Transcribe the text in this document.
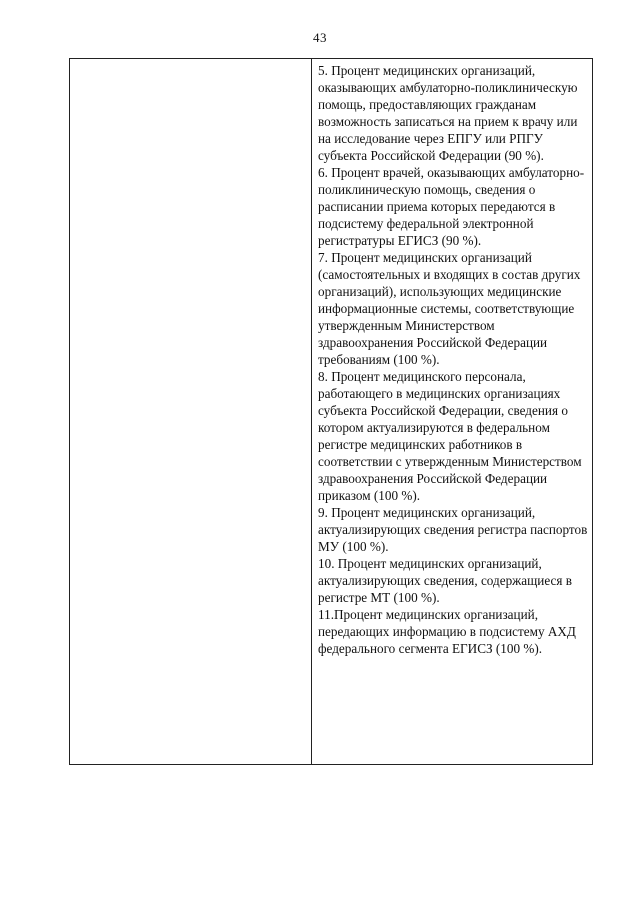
43

5. Процент медицинских организаций, оказывающих амбулаторно-поликлиническую помощь, предоставляющих гражданам возможность записаться на прием к врачу или на исследование через ЕПГУ или РПГУ субъекта Российской Федерации (90 %).

6. Процент врачей, оказывающих амбулаторно-поликлиническую помощь, сведения о расписании приема которых передаются в подсистему федеральной электронной регистратуры ЕГИСЗ (90 %).

7. Процент медицинских организаций (самостоятельных и входящих в состав других организаций), использующих медицинские информационные системы, соответствующие утвержденным Министерством здравоохранения Российской Федерации требованиям (100 %).

8. Процент медицинского персонала, работающего в медицинских организациях субъекта Российской Федерации, сведения о котором актуализируются в федеральном регистре медицинских работников в соответствии с утвержденным Министерством здравоохранения Российской Федерации приказом (100 %).

9. Процент медицинских организаций, актуализирующих сведения регистра паспортов МУ (100 %).

10. Процент медицинских организаций, актуализирующих сведения, содержащиеся в регистре МТ (100 %).

11.Процент медицинских организаций, передающих информацию в подсистему АХД федерального сегмента ЕГИСЗ (100 %).
